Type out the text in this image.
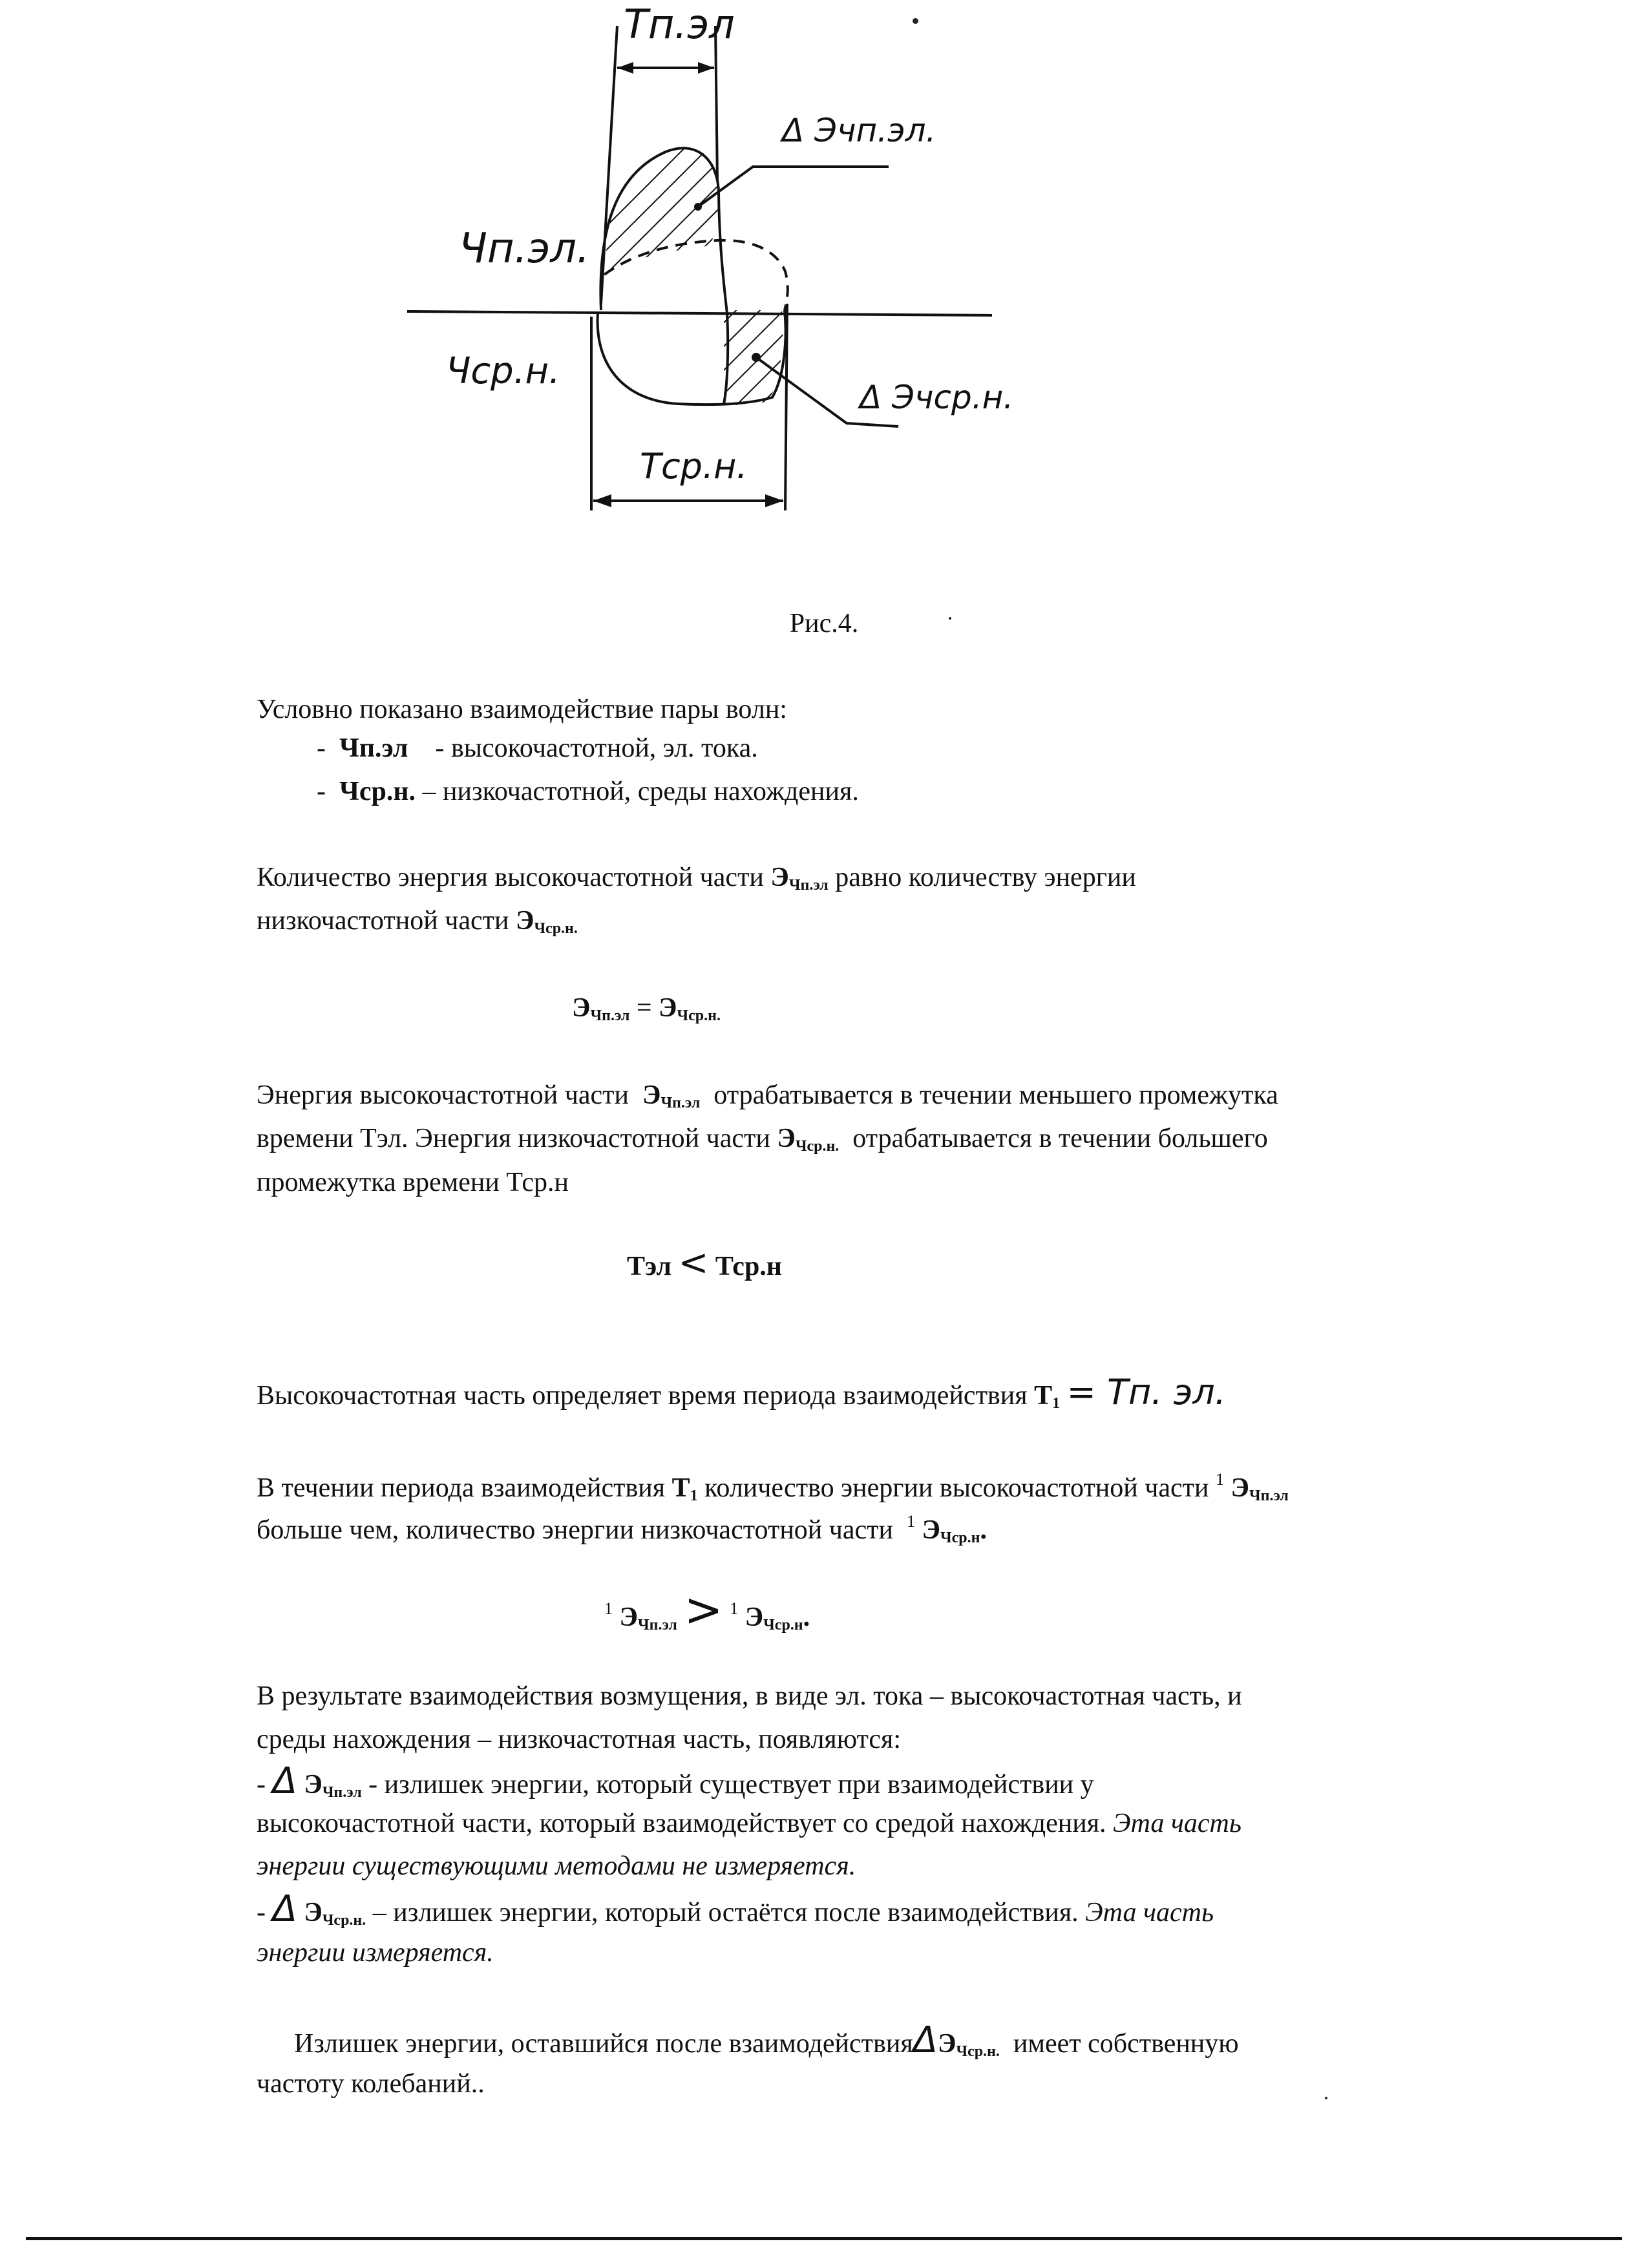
Тп.эл
Δ Эчп.эл.
Чп.эл.
Чср.н.
Δ Эчср.н.
Тср.н.
Рис.4.
Условно показано взаимодействие пары волн:
- Чп.эл - высокочастотной, эл. тока.
- Чср.н. – низкочастотной, среды нахождения.
Количество энергия высокочастотной части $Э_{Чп.эл}$ равно количеству энергии
низкочастотной части $Э_{Чср.н.}$
$Э_{Чп.эл} = Э_{Чср.н.}$
Энергия высокочастотной части $Э_{Чп.эл}$ отрабатывается в течении меньшего промежутка
времени Тэл. Энергия низкочастотной части $Э_{Чср.н.}$ отрабатывается в течении большего
промежутка времени Тср.н
Тэл < Тср.н
Высокочастотная часть определяет время периода взаимодействия $Т_1$ = Тп. эл.
В течении периода взаимодействия $Т_1$ количество энергии высокочастотной части $^1$ $Э_{Чп.эл}$
больше чем, количество энергии низкочастотной части $^1$ $Э_{Чср.н}$.
$^1$ $Э_{Чп.эл} > ^1$ $Э_{Чср.н}$.
В результате взаимодействия возмущения, в виде эл. тока – высокочастотная часть, и
среды нахождения – низкочастотная часть, появляются:
- Δ $Э_{Чп.эл}$ - излишек энергии, который существует при взаимодействии у
высокочастотной части, который взаимодействует со средой нахождения. Эта часть
энергии существующими методами не измеряется.
- Δ $Э_{Чср.н.}$ – излишек энергии, который остаётся после взаимодействия. Эта часть
энергии измеряется.
Излишек энергии, оставшийся после взаимодействияΔЭ$_{Чср.н.}$ имеет собственную
частоту колебаний..
